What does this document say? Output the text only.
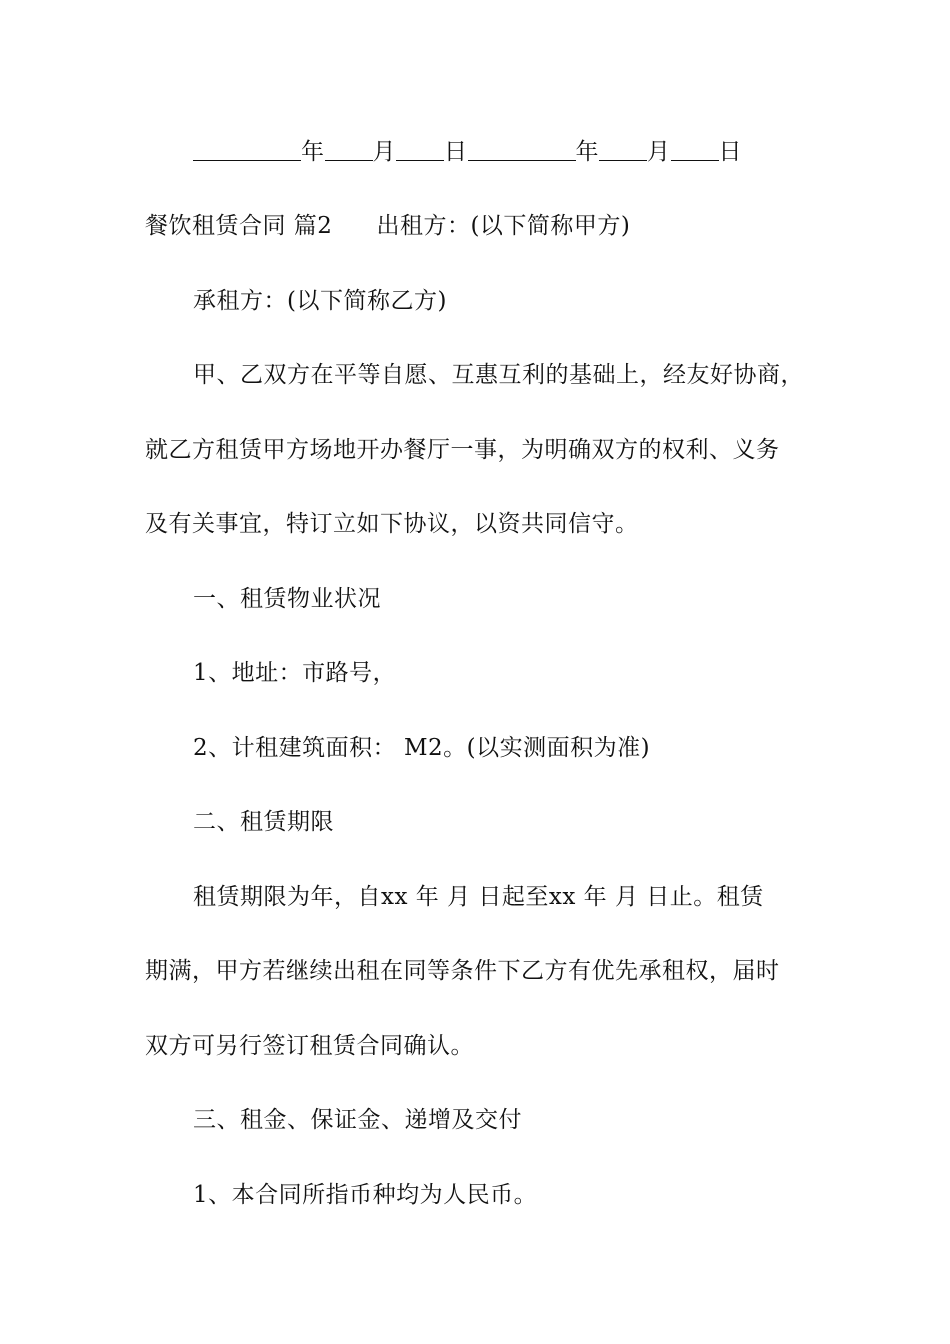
年 月 日	年 月 日
餐饮租赁合同 篇2 出租方：(以下简称甲方)
承租方：(以下简称乙方)
甲、乙双方在平等自愿、互惠互利的基础上，经友好协商，
就乙方租赁甲方场地开办餐厅一事，为明确双方的权利、义务
及有关事宜，特订立如下协议，以资共同信守。
一、租赁物业状况
1、地址：市路号，
2、计租建筑面积： M2。(以实测面积为准)
二、租赁期限
租赁期限为年，自xx 年 月 日起至xx 年 月 日止。租赁
期满，甲方若继续出租在同等条件下乙方有优先承租权，届时
双方可另行签订租赁合同确认。
三、租金、保证金、递增及交付
1、本合同所指币种均为人民币。
